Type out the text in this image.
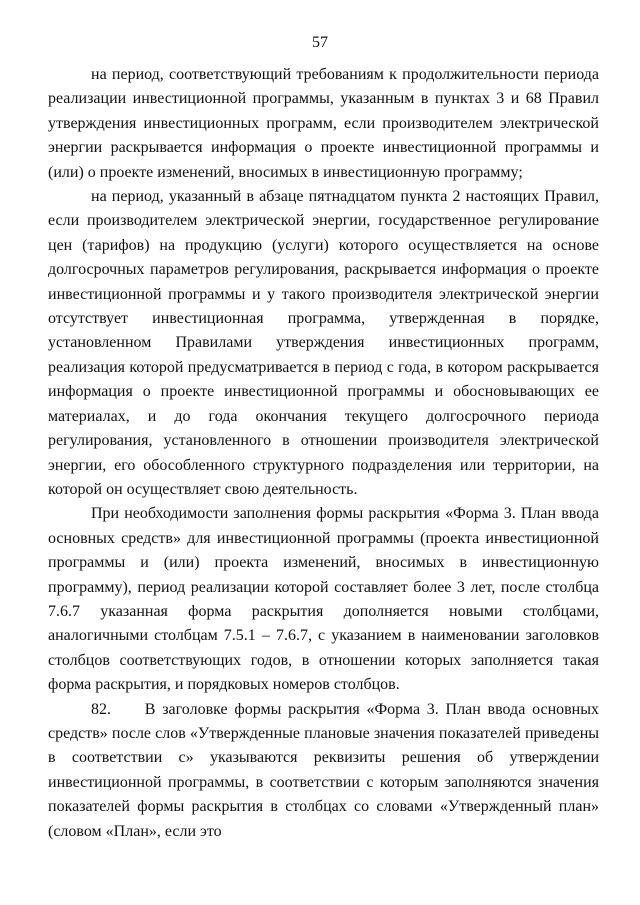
57

на период, соответствующий требованиям к продолжительности периода реализации инвестиционной программы, указанным в пунктах 3 и 68 Правил утверждения инвестиционных программ, если производителем электрической энергии раскрывается информация о проекте инвестиционной программы и (или) о проекте изменений, вносимых в инвестиционную программу;

на период, указанный в абзаце пятнадцатом пункта 2 настоящих Правил, если производителем электрической энергии, государственное регулирование цен (тарифов) на продукцию (услуги) которого осуществляется на основе долгосрочных параметров регулирования, раскрывается информация о проекте инвестиционной программы и у такого производителя электрической энергии отсутствует инвестиционная программа, утвержденная в порядке, установленном Правилами утверждения инвестиционных программ, реализация которой предусматривается в период с года, в котором раскрывается информация о проекте инвестиционной программы и обосновывающих ее материалах, и до года окончания текущего долгосрочного периода регулирования, установленного в отношении производителя электрической энергии, его обособленного структурного подразделения или территории, на которой он осуществляет свою деятельность.

При необходимости заполнения формы раскрытия «Форма 3. План ввода основных средств» для инвестиционной программы (проекта инвестиционной программы и (или) проекта изменений, вносимых в инвестиционную программу), период реализации которой составляет более 3 лет, после столбца 7.6.7 указанная форма раскрытия дополняется новыми столбцами, аналогичными столбцам 7.5.1 – 7.6.7, с указанием в наименовании заголовков столбцов соответствующих годов, в отношении которых заполняется такая форма раскрытия, и порядковых номеров столбцов.

82.     В заголовке формы раскрытия «Форма 3. План ввода основных средств» после слов «Утвержденные плановые значения показателей приведены в соответствии с» указываются реквизиты решения об утверждении инвестиционной программы, в соответствии с которым заполняются значения показателей формы раскрытия в столбцах со словами «Утвержденный план» (словом «План», если это
